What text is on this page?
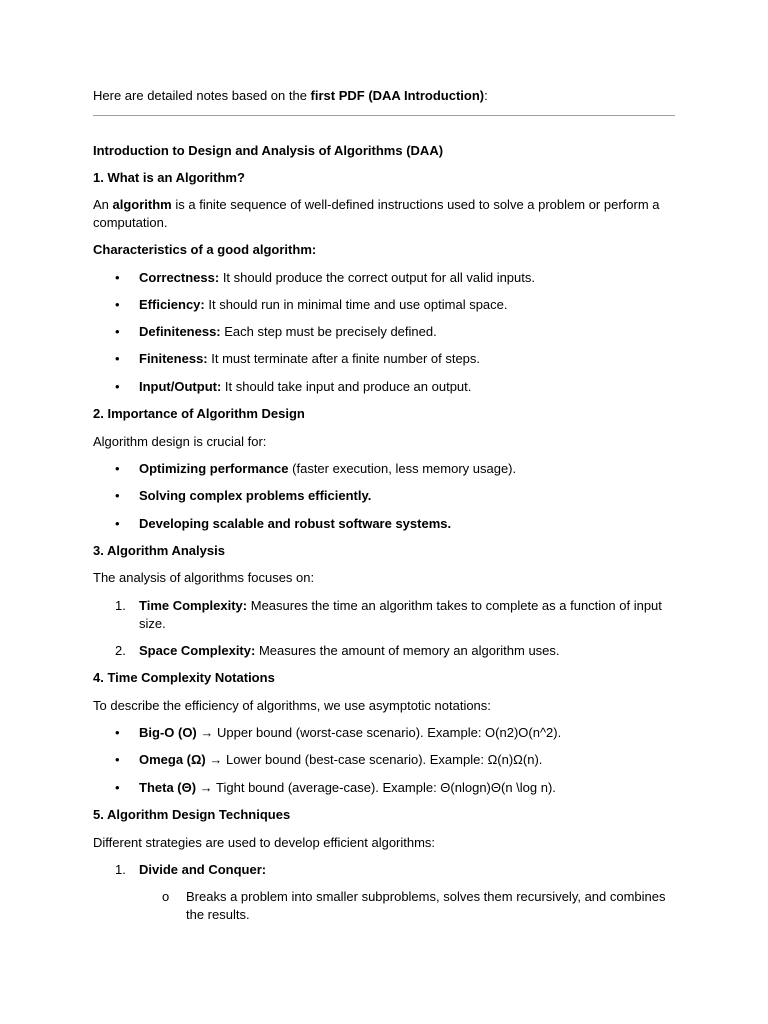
Here are detailed notes based on the first PDF (DAA Introduction):
Introduction to Design and Analysis of Algorithms (DAA)
1. What is an Algorithm?
An algorithm is a finite sequence of well-defined instructions used to solve a problem or perform a computation.
Characteristics of a good algorithm:
•	Correctness: It should produce the correct output for all valid inputs.
•	Efficiency: It should run in minimal time and use optimal space.
•	Definiteness: Each step must be precisely defined.
•	Finiteness: It must terminate after a finite number of steps.
•	Input/Output: It should take input and produce an output.
2. Importance of Algorithm Design
Algorithm design is crucial for:
•	Optimizing performance (faster execution, less memory usage).
•	Solving complex problems efficiently.
•	Developing scalable and robust software systems.
3. Algorithm Analysis
The analysis of algorithms focuses on:
1.	Time Complexity: Measures the time an algorithm takes to complete as a function of input size.
2.	Space Complexity: Measures the amount of memory an algorithm uses.
4. Time Complexity Notations
To describe the efficiency of algorithms, we use asymptotic notations:
•	Big-O (O) → Upper bound (worst-case scenario). Example: O(n2)O(n^2).
•	Omega (Ω) → Lower bound (best-case scenario). Example: Ω(n)Ω(n).
•	Theta (Θ) → Tight bound (average-case). Example: Θ(nlogn)Θ(n \log n).
5. Algorithm Design Techniques
Different strategies are used to develop efficient algorithms:
1.	Divide and Conquer:
o Breaks a problem into smaller subproblems, solves them recursively, and combines the results.
